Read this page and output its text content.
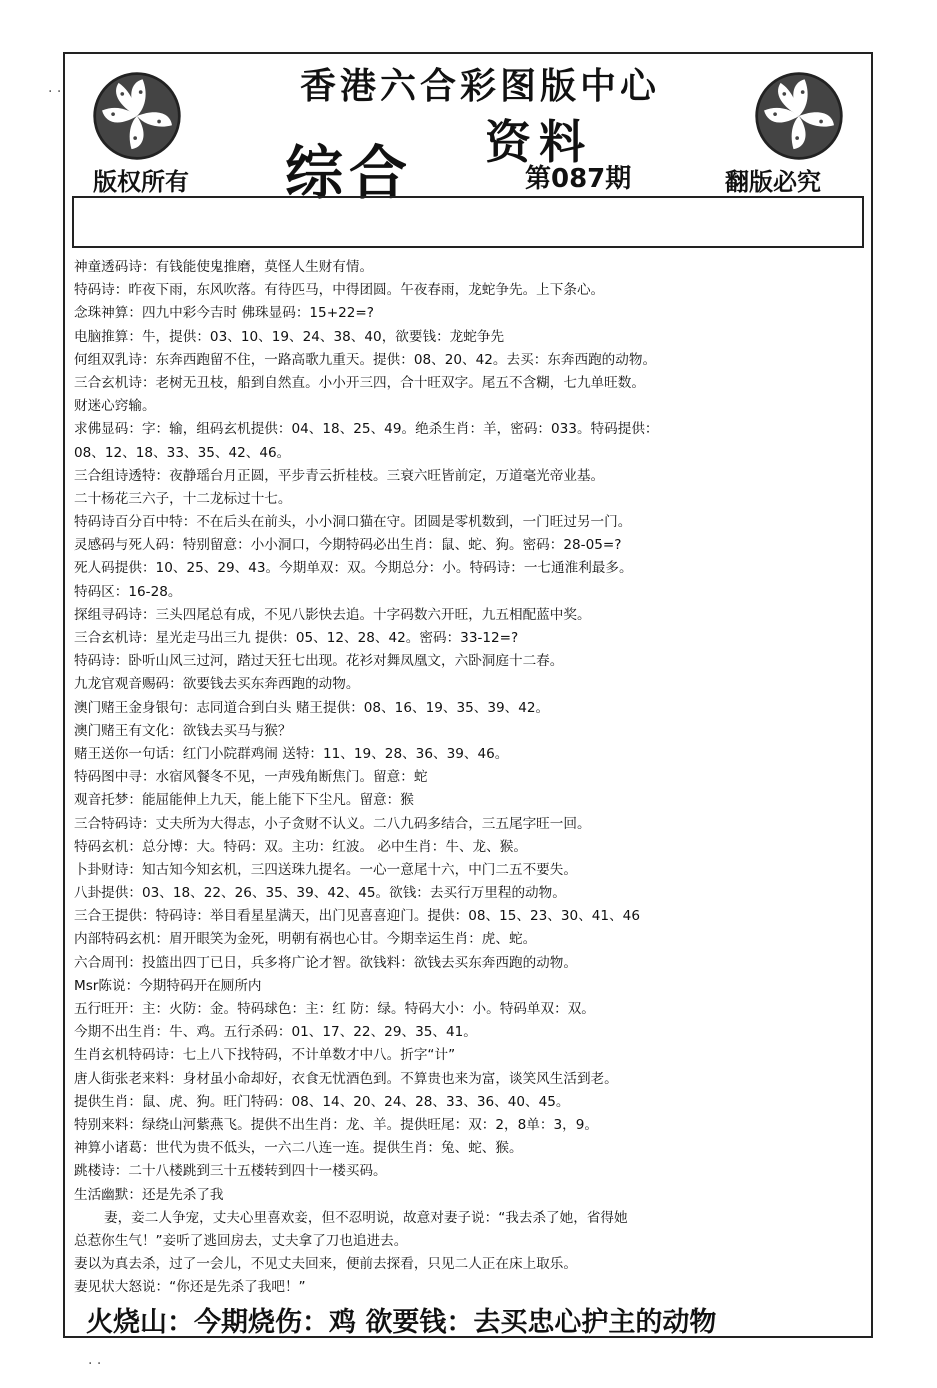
香港六合彩图版中心
资料
综合	第087期
版权所有	翻版必究
神童透码诗：有钱能使鬼推磨，莫怪人生财有情。
特码诗：昨夜下雨，东风吹落。有待匹马，中得团圆。午夜春雨，龙蛇争先。上下条心。
念珠神算：四九中彩今吉时 佛珠显码：15+22=?
电脑推算：牛，提供：03、10、19、24、38、40，欲要钱：龙蛇争先
何组双乳诗：东奔西跑留不住，一路高歌九重天。提供：08、20、42。去买：东奔西跑的动物。
三合玄机诗：老树无丑枝，船到自然直。小小开三四，合十旺双字。尾五不含糊，七九单旺数。
财迷心窍输。
求佛显码：字：输，组码玄机提供：04、18、25、49。绝杀生肖：羊，密码：033。特码提供：
08、12、18、33、35、42、46。
三合组诗透特：夜静瑶台月正圆，平步青云折桂枝。三衰六旺皆前定，万道毫光帝业基。
二十杨花三六子，十二龙标过十七。
特码诗百分百中特：不在后头在前头，小小洞口猫在守。团圆是零机数到，一门旺过另一门。
灵感码与死人码：特别留意：小小洞口，今期特码必出生肖：鼠、蛇、狗。密码：28-05=?
死人码提供：10、25、29、43。今期单双：双。今期总分：小。特码诗：一七通淮利最多。
特码区：16-28。
探组寻码诗：三头四尾总有成，不见八影快去追。十字码数六开旺，九五相配蓝中奖。
三合玄机诗：星光走马出三九 提供：05、12、28、42。密码：33-12=?
特码诗：卧听山风三过河，踏过天狂七出现。花衫对舞凤凰文，六卧洞庭十二春。
九龙官观音赐码：欲要钱去买东奔西跑的动物。
澳门赌王金身银句：志同道合到白头 赌王提供：08、16、19、35、39、42。
澳门赌王有文化：欲钱去买马与猴？
赌王送你一句话：红门小院群鸡闹 送特：11、19、28、36、39、46。
特码图中寻：水宿风餐冬不见，一声残角断焦门。留意：蛇
观音托梦：能屈能伸上九天，能上能下下尘凡。留意：猴
三合特码诗：丈夫所为大得志，小子贪财不认义。二八九码多结合，三五尾字旺一回。
特码玄机：总分博：大。特码：双。主功：红波。 必中生肖：牛、龙、猴。
卜卦财诗：知古知今知玄机，三四送珠九提名。一心一意尾十六，中门二五不要失。
八卦提供：03、18、22、26、35、39、42、45。欲钱：去买行万里程的动物。
三合王提供：特码诗：举目看星星满天，出门见喜喜迎门。提供：08、15、23、30、41、46
内部特码玄机：眉开眼笑为金死，明朝有祸也心甘。今期幸运生肖：虎、蛇。
六合周刊：投篮出四丁已日，兵多将广论才智。欲钱料：欲钱去买东奔西跑的动物。
Msr陈说：今期特码开在厕所内
五行旺开：主：火防：金。特码球色：主：红 防：绿。特码大小：小。特码单双：双。
今期不出生肖：牛、鸡。五行杀码：01、17、22、29、35、41。
生肖玄机特码诗：七上八下找特码，不计单数才中八。折字“计”
唐人街张老来料：身材虽小命却好，衣食无忧酒色到。不算贵也来为富，谈笑风生活到老。
提供生肖：鼠、虎、狗。旺门特码：08、14、20、24、28、33、36、40、45。
特别来料：绿绕山河紫燕飞。提供不出生肖：龙、羊。提供旺尾：双：2，8单：3，9。
神算小诸葛：世代为贵不低头，一六二八连一连。提供生肖：兔、蛇、猴。
跳楼诗：二十八楼跳到三十五楼转到四十一楼买码。
生活幽默：还是先杀了我
妻，妾二人争宠，丈夫心里喜欢妾，但不忍明说，故意对妻子说：“我去杀了她，省得她
总惹你生气！”妾听了逃回房去，丈夫拿了刀也追进去。
妻以为真去杀，过了一会儿，不见丈夫回来，便前去探看，只见二人正在床上取乐。
妻见状大怒说：“你还是先杀了我吧！”
火烧山：今期烧伤：鸡 欲要钱：去买忠心护主的动物
· ·
· ·
